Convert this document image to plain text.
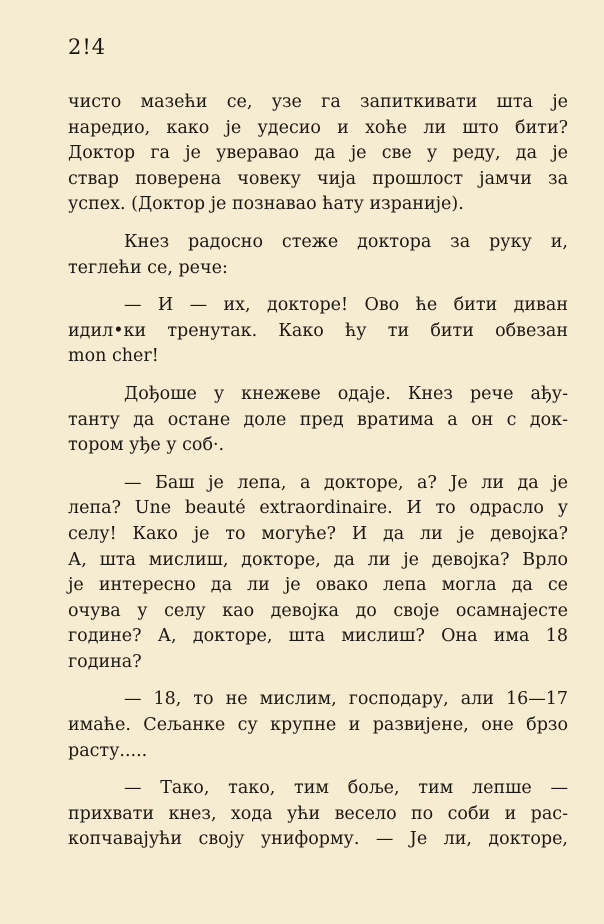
2!4
чисто мазећи се, узе га запиткивати шта је
наредио, како је удесио и хоће ли што бити?
Доктор га је уверавао да је све у реду, да је
ствар поверена човеку чија прошлост јамчи за
успех. (Доктор је познавао ћату изранијe).
Кнез радосно стеже доктора за руку и,
теглећи се, рече:
— И — их, докторе! Ово ће бити диван
идил•ки тренутак. Како ћу ти бити обвезан
mon cher!
Дођоше у кнежеве одаје. Кнез рече ађу-
танту да остане доле пред вратима а он с док-
тором уђе у соб·.
— Баш је лепа, а докторе, а? Је ли да је
лепа? Une beauté extraordinaire. И то одрасло у
селу! Како је то могуће? И да ли је девојка?
А, шта мислиш, докторе, да ли је девојка? Врло
је интересно да ли је овако лепа могла да се
очува у селу као девојка до своје осамнаjесте
године? А, докторе, шта мислиш? Она има 18
година?
— 18, то не мислим, господару, али 16—17
имаће. Сељанке су крупне и развијене, оне брзо
расту.....
— Тако, тако, тим боље, тим лепше —
прихвати кнез, хода ући весело по соби и рас-
копчавајући своју униформу. — Је ли, докторе,
